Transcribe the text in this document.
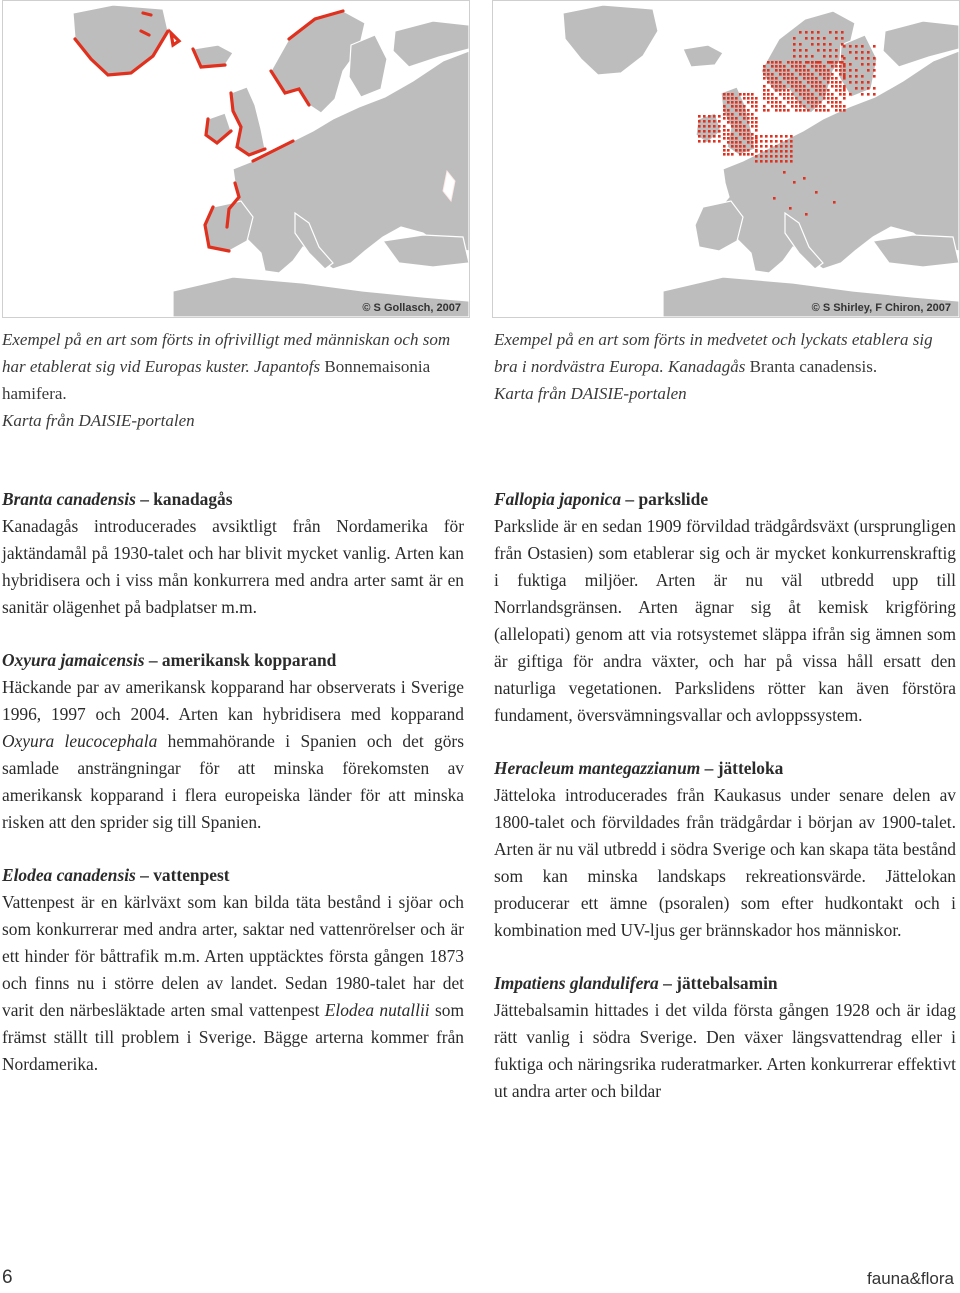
© S Gollasch, 2007	© S Shirley, F Chiron, 2007
Exempel på en art som förts in ofrivilligt med människan och som har etablerat sig vid Europas kuster. Japantofs Bonnemaisonia hamifera.
Karta från DAISIE-portalen
Exempel på en art som förts in medvetet och lyckats etablera sig bra i nordvästra Europa. Kanadagås Branta canadensis.
Karta från DAISIE-portalen
Branta canadensis – kanadagås
Kanadagås introducerades avsiktligt från Nordamerika för jaktändamål på 1930-talet och har blivit mycket vanlig. Arten kan hybridisera och i viss mån konkurrera med andra arter samt är en sanitär olägenhet på badplatser m.m.
Oxyura jamaicensis – amerikansk kopparand
Häckande par av amerikansk kopparand har observerats i Sverige 1996, 1997 och 2004. Arten kan hybridisera med kopparand Oxyura leucocephala hemmahörande i Spanien och det görs samlade ansträngningar för att minska förekomsten av amerikansk kopparand i flera europeiska länder för att minska risken att den sprider sig till Spanien.
Elodea canadensis – vattenpest
Vattenpest är en kärlväxt som kan bilda täta bestånd i sjöar och som konkurrerar med andra arter, saktar ned vattenrörelser och är ett hinder för båttrafik m.m. Arten upptäcktes första gången 1873 och finns nu i större delen av landet. Sedan 1980-talet har det varit den närbesläktade arten smal vattenpest Elodea nutallii som främst ställt till problem i Sverige. Bägge arterna kommer från Nordamerika.
Fallopia japonica – parkslide
Parkslide är en sedan 1909 förvildad trädgårdsväxt (ursprungligen från Ostasien) som etablerar sig och är mycket konkurrenskraftig i fuktiga miljöer. Arten är nu väl utbredd upp till Norrlandsgränsen. Arten ägnar sig åt kemisk krigföring (allelopati) genom att via rotsystemet släppa ifrån sig ämnen som är giftiga för andra växter, och har på vissa håll ersatt den naturliga vegetationen. Parkslidens rötter kan även förstöra fundament, översvämningsvallar och avloppssystem.
Heracleum mantegazzianum – jätteloka
Jätteloka introducerades från Kaukasus under senare delen av 1800-talet och förvildades från trädgårdar i början av 1900-talet. Arten är nu väl utbredd i södra Sverige och kan skapa täta bestånd som kan minska landskaps rekreationsvärde. Jättelokan producerar ett ämne (psoralen) som efter hudkontakt och i kombination med UV-ljus ger brännskador hos människor.
Impatiens glandulifera – jättebalsamin
Jättebalsamin hittades i det vilda första gången 1928 och är idag rätt vanlig i södra Sverige. Den växer längsvattendrag eller i fuktiga och näringsrika ruderatmarker. Arten konkurrerar effektivt ut andra arter och bildar
6	fauna&flora
